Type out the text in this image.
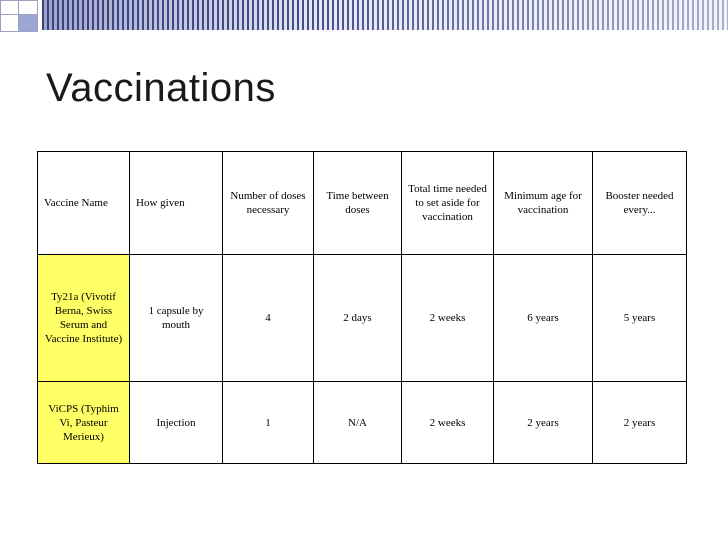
Vaccinations
Vaccine Name	How given	Number of doses necessary	Time between doses	Total time needed to set aside for vaccination	Minimum age for vaccination	Booster needed every...
Ty21a (Vivotif Berna, Swiss Serum and Vaccine Institute)	1 capsule by mouth	4	2 days	2 weeks	6 years	5 years
ViCPS (Typhim Vi, Pasteur Merieux)	Injection	1	N/A	2 weeks	2 years	2 years
